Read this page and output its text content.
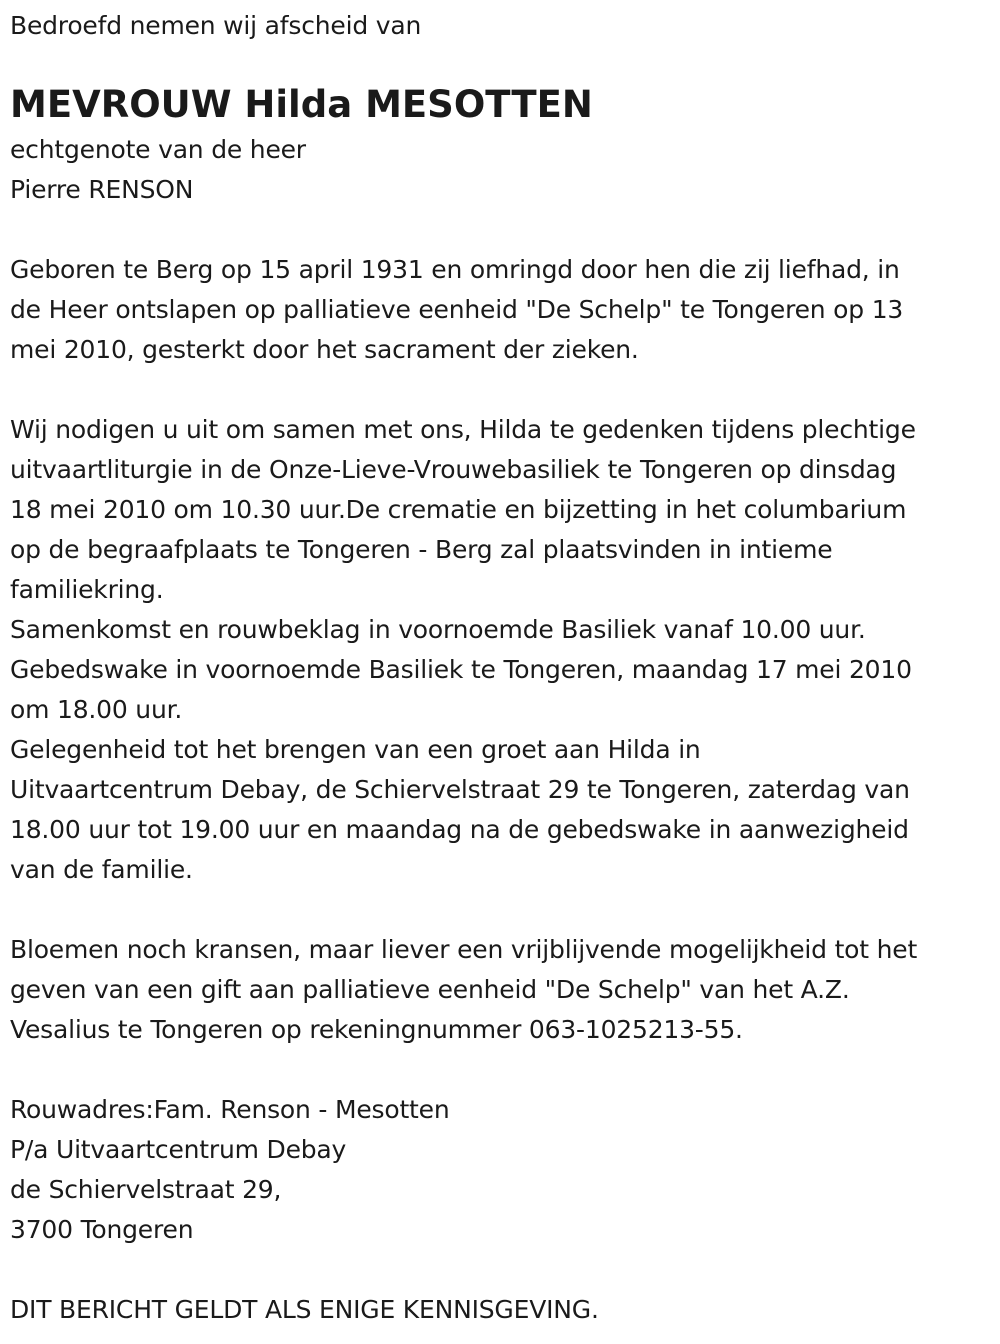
Bedroefd nemen wij afscheid van

MEVROUW Hilda MESOTTEN

echtgenote van de heer

Pierre RENSON

Geboren te Berg op 15 april 1931 en omringd door hen die zij liefhad, in

de Heer ontslapen op palliatieve eenheid "De Schelp" te Tongeren op 13

mei 2010, gesterkt door het sacrament der zieken.

Wij nodigen u uit om samen met ons, Hilda te gedenken tijdens plechtige

uitvaartliturgie in de Onze-Lieve-Vrouwebasiliek te Tongeren op dinsdag

18 mei 2010 om 10.30 uur.De crematie en bijzetting in het columbarium

op de begraafplaats te Tongeren - Berg zal plaatsvinden in intieme

familiekring.

Samenkomst en rouwbeklag in voornoemde Basiliek vanaf 10.00 uur.

Gebedswake in voornoemde Basiliek te Tongeren, maandag 17 mei 2010

om 18.00 uur.

Gelegenheid tot het brengen van een groet aan Hilda in

Uitvaartcentrum Debay, de Schiervelstraat 29 te Tongeren, zaterdag van

18.00 uur tot 19.00 uur en maandag na de gebedswake in aanwezigheid

van de familie.

Bloemen noch kransen, maar liever een vrijblijvende mogelijkheid tot het

geven van een gift aan palliatieve eenheid "De Schelp" van het A.Z.

Vesalius te Tongeren op rekeningnummer 063-1025213-55.

Rouwadres:Fam. Renson - Mesotten

P/a Uitvaartcentrum Debay

de Schiervelstraat 29,

3700 Tongeren

DIT BERICHT GELDT ALS ENIGE KENNISGEVING.
